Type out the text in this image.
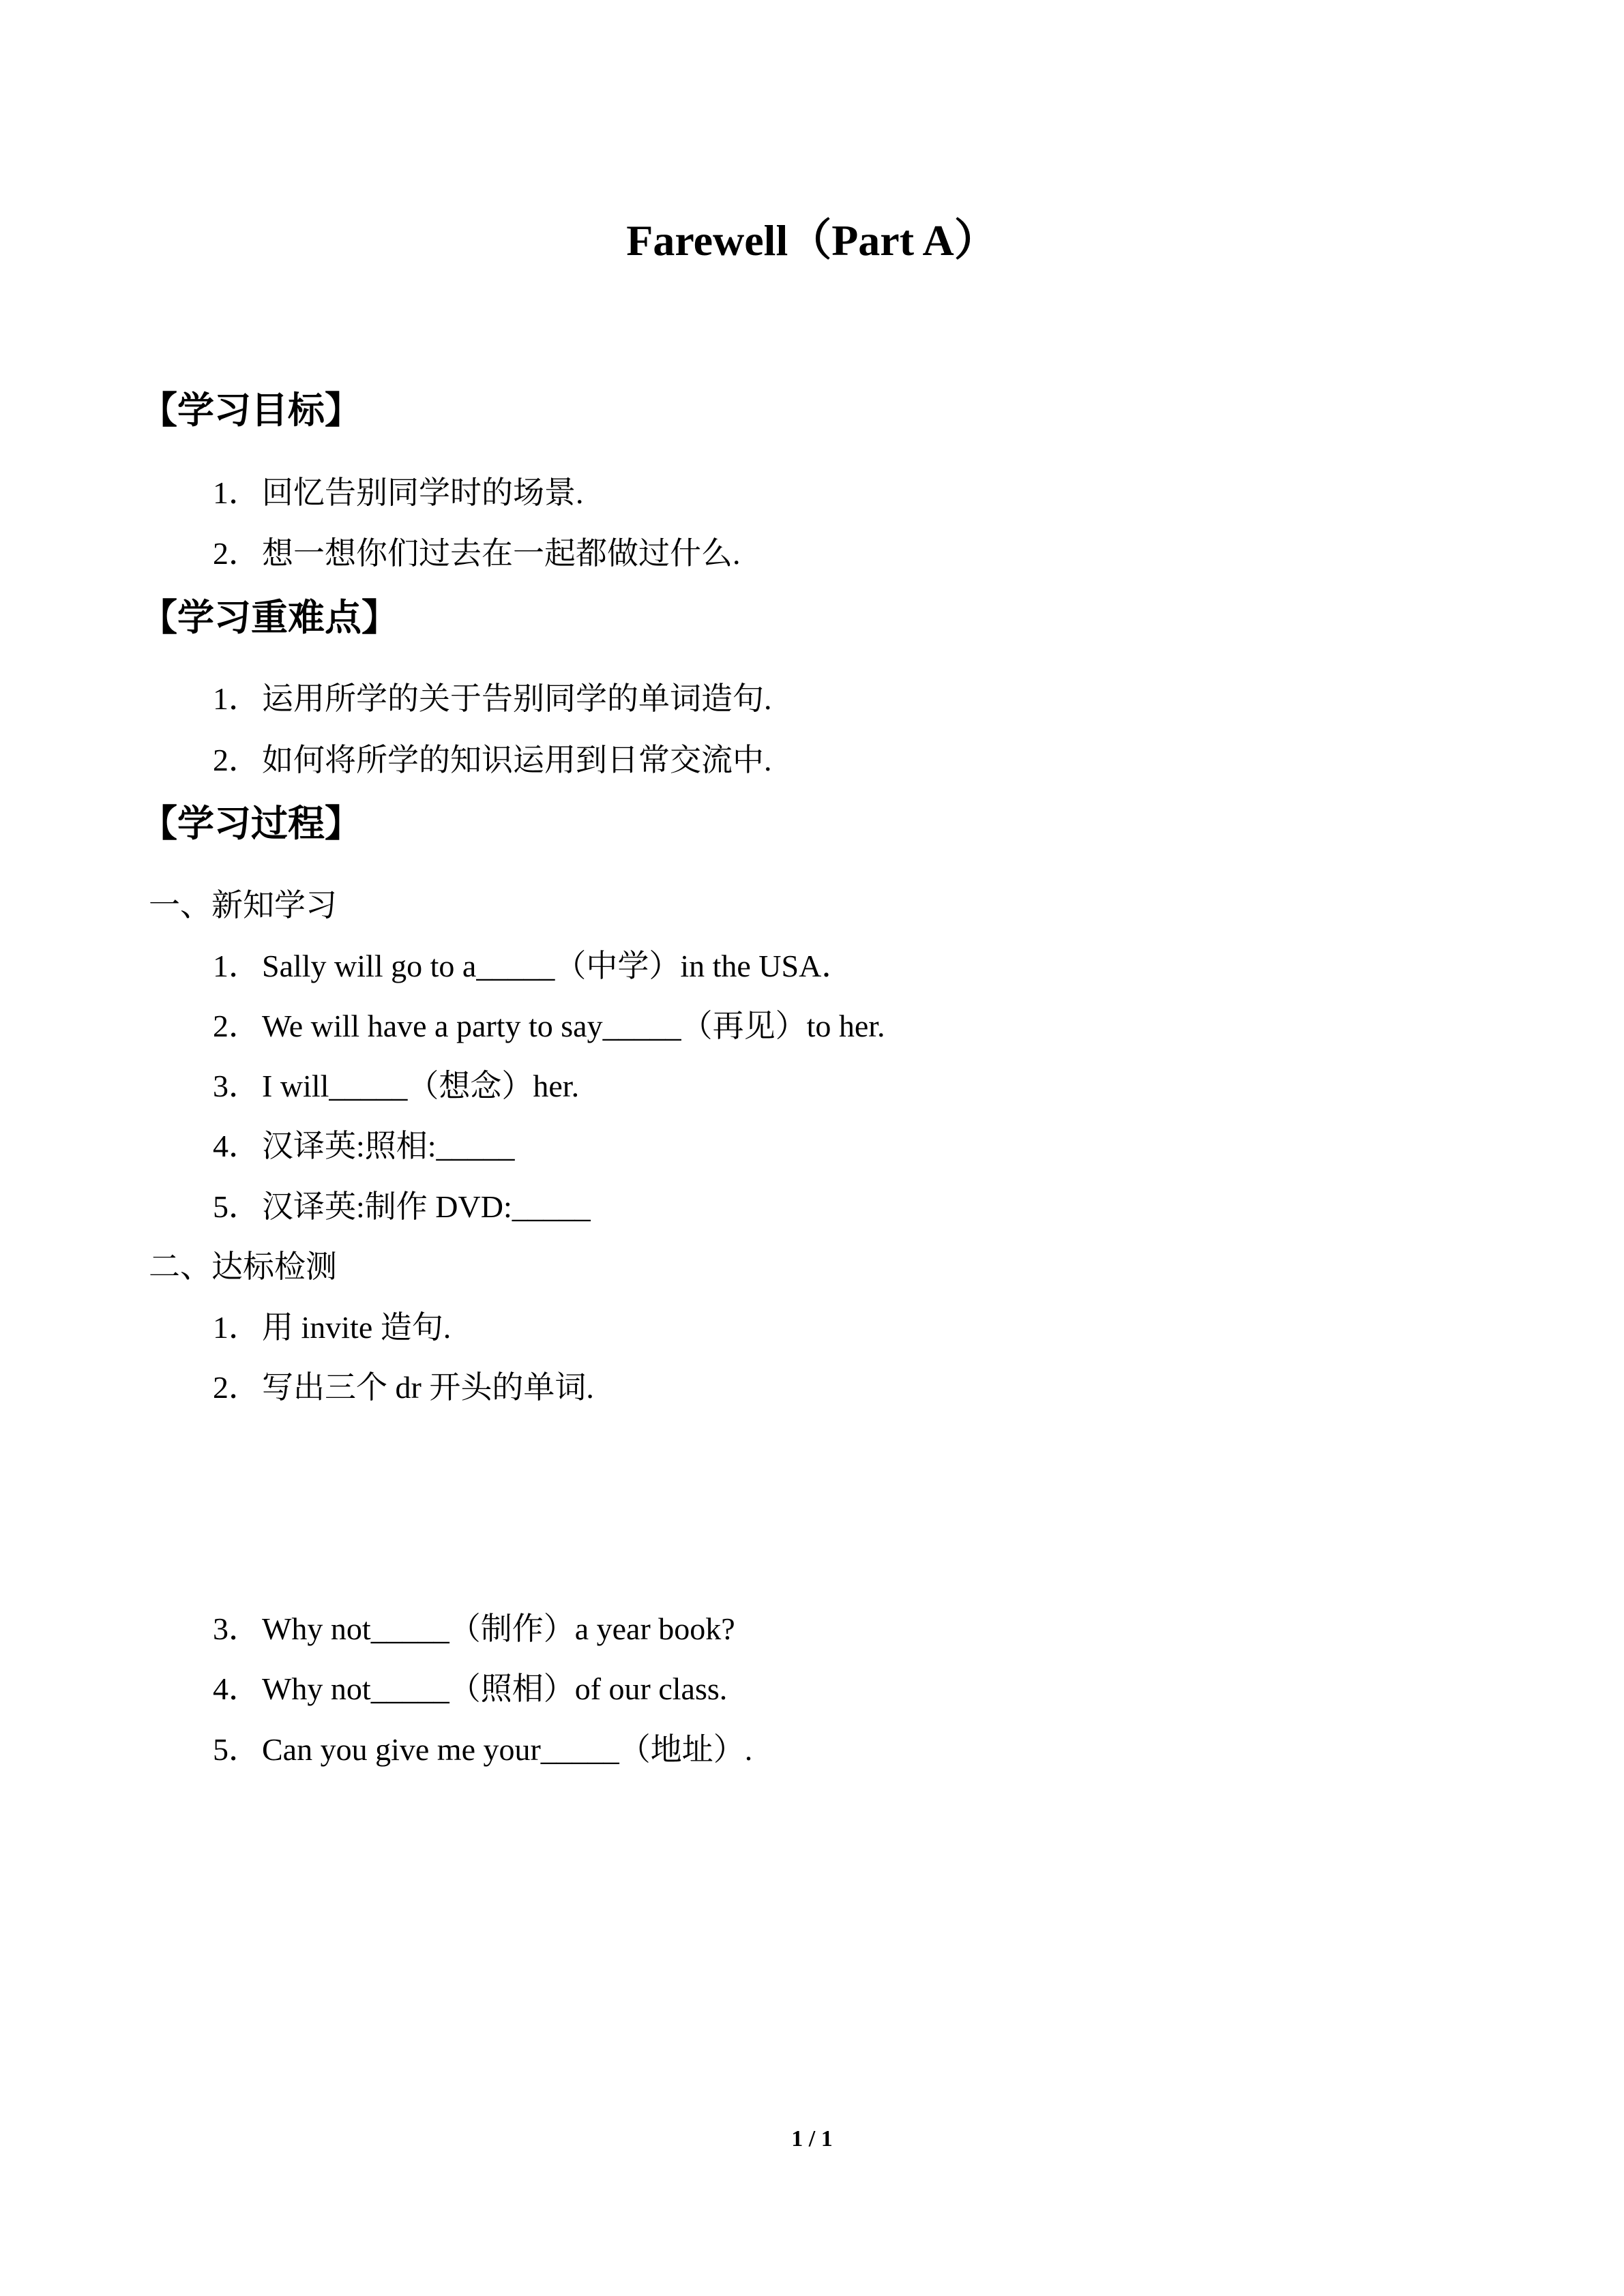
Farewell（Part A）
【学习目标】

1．回忆告别同学时的场景.

2．想一想你们过去在一起都做过什么.

【学习重难点】

1．运用所学的关于告别同学的单词造句.

2．如何将所学的知识运用到日常交流中.

【学习过程】

一、新知学习

1．Sally will go to a_____（中学）in the USA．

2．We will have a party to say_____（再见）to her.

3．I will_____（想念）her.

4．汉译英:照相:_____

5．汉译英:制作 DVD:_____

二、达标检测

1．用 invite 造句.

2．写出三个 dr 开头的单词.

3．Why not_____（制作）a year book?

4．Why not_____（照相）of our class.

5．Can you give me your_____（地址）.

1 / 1
